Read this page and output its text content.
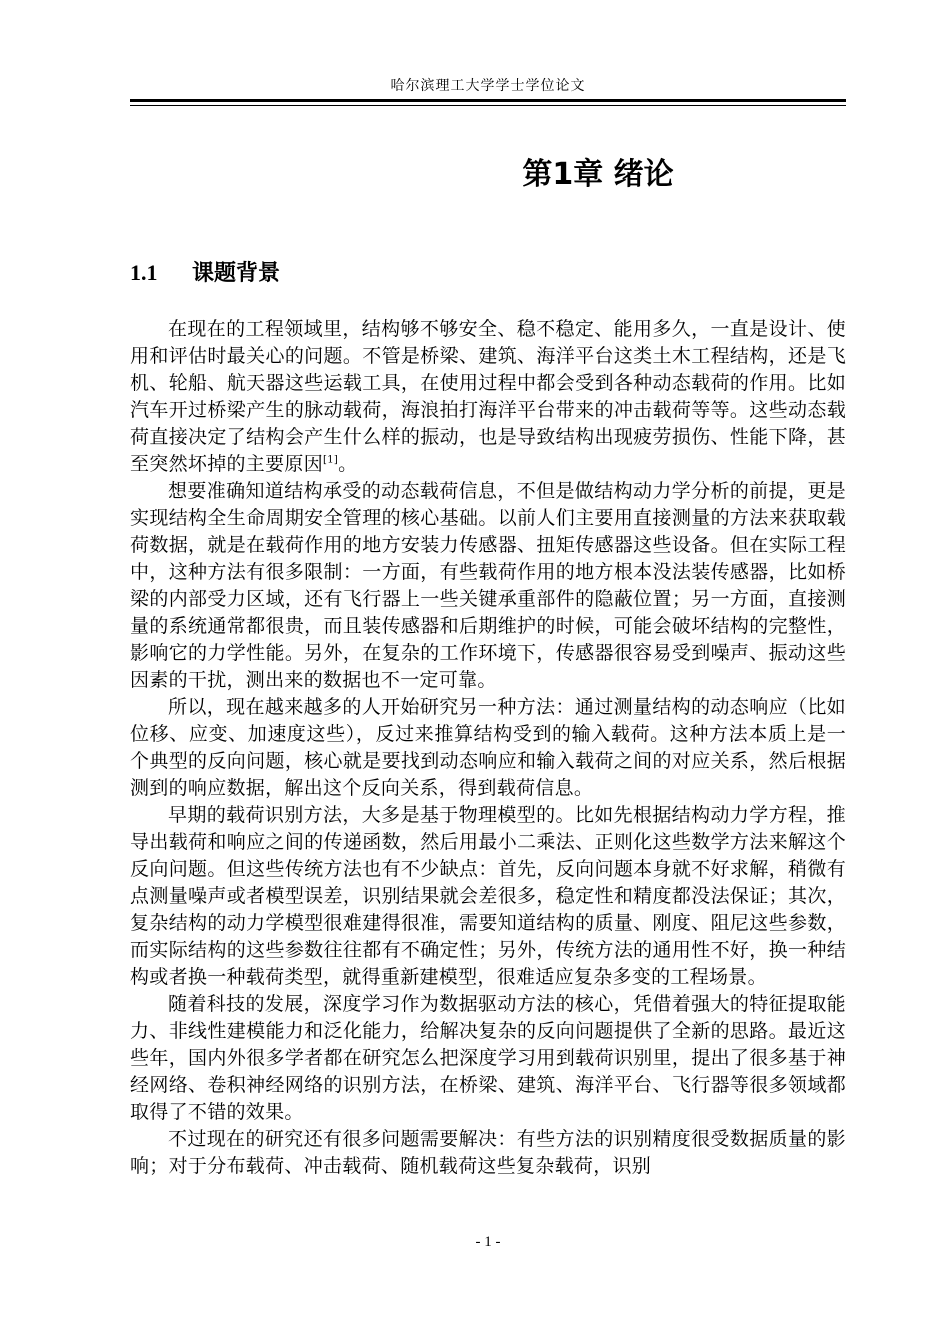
哈尔滨理工大学学士学位论文
第1章 绪论
1.1 课题背景

在现在的工程领域里，结构够不够安全、稳不稳定、能用多久，一直是设计、使用和评估时最关心的问题。不管是桥梁、建筑、海洋平台这类土木工程结构，还是飞机、轮船、航天器这些运载工具，在使用过程中都会受到各种动态载荷的作用。比如汽车开过桥梁产生的脉动载荷，海浪拍打海洋平台带来的冲击载荷等等。这些动态载荷直接决定了结构会产生什么样的振动，也是导致结构出现疲劳损伤、性能下降，甚至突然坏掉的主要原因[1]。

想要准确知道结构承受的动态载荷信息，不但是做结构动力学分析的前提，更是实现结构全生命周期安全管理的核心基础。以前人们主要用直接测量的方法来获取载荷数据，就是在载荷作用的地方安装力传感器、扭矩传感器这些设备。但在实际工程中，这种方法有很多限制：一方面，有些载荷作用的地方根本没法装传感器，比如桥梁的内部受力区域，还有飞行器上一些关键承重部件的隐蔽位置；另一方面，直接测量的系统通常都很贵，而且装传感器和后期维护的时候，可能会破坏结构的完整性，影响它的力学性能。另外，在复杂的工作环境下，传感器很容易受到噪声、振动这些因素的干扰，测出来的数据也不一定可靠。

所以，现在越来越多的人开始研究另一种方法：通过测量结构的动态响应（比如位移、应变、加速度这些），反过来推算结构受到的输入载荷。这种方法本质上是一个典型的反向问题，核心就是要找到动态响应和输入载荷之间的对应关系，然后根据测到的响应数据，解出这个反向关系，得到载荷信息。

早期的载荷识别方法，大多是基于物理模型的。比如先根据结构动力学方程，推导出载荷和响应之间的传递函数，然后用最小二乘法、正则化这些数学方法来解这个反向问题。但这些传统方法也有不少缺点：首先，反向问题本身就不好求解，稍微有点测量噪声或者模型误差，识别结果就会差很多，稳定性和精度都没法保证；其次，复杂结构的动力学模型很难建得很准，需要知道结构的质量、刚度、阻尼这些参数，而实际结构的这些参数往往都有不确定性；另外，传统方法的通用性不好，换一种结构或者换一种载荷类型，就得重新建模型，很难适应复杂多变的工程场景。

随着科技的发展，深度学习作为数据驱动方法的核心，凭借着强大的特征提取能力、非线性建模能力和泛化能力，给解决复杂的反向问题提供了全新的思路。最近这些年，国内外很多学者都在研究怎么把深度学习用到载荷识别里，提出了很多基于神经网络、卷积神经网络的识别方法，在桥梁、建筑、海洋平台、飞行器等很多领域都取得了不错的效果。

不过现在的研究还有很多问题需要解决：有些方法的识别精度很受数据质量的影响；对于分布载荷、冲击载荷、随机载荷这些复杂载荷，识别

- 1 -
